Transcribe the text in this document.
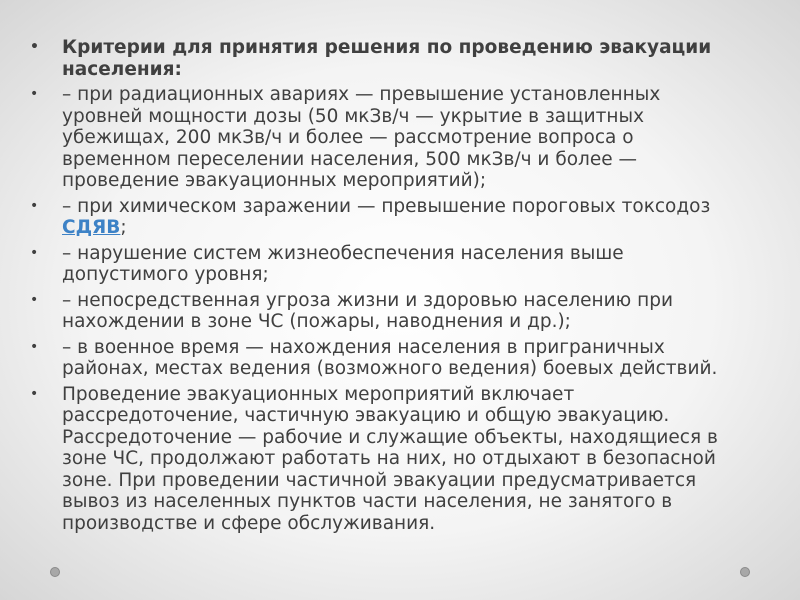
• Критерии для принятия решения по проведению эвакуации населения:
• – при радиационных авариях — превышение установленных уровней мощности дозы (50 мкЗв/ч — укрытие в защитных убежищах, 200 мкЗв/ч и более — рассмотрение вопроса о временном переселении населения, 500 мкЗв/ч и более — проведение эвакуационных мероприятий);
• – при химическом заражении — превышение пороговых токсодоз СДЯВ;
• – нарушение систем жизнеобеспечения населения выше допустимого уровня;
• – непосредственная угроза жизни и здоровью населению при нахождении в зоне ЧС (пожары, наводнения и др.);
• – в военное время — нахождения населения в приграничных районах, местах ведения (возможного ведения) боевых действий.
• Проведение эвакуационных мероприятий включает рассредоточение, частичную эвакуацию и общую эвакуацию. Рассредоточение — рабочие и служащие объекты, находящиеся в зоне ЧС, продолжают работать на них, но отдыхают в безопасной зоне. При проведении частичной эвакуации предусматривается вывоз из населенных пунктов части населения, не занятого в производстве и сфере обслуживания.
